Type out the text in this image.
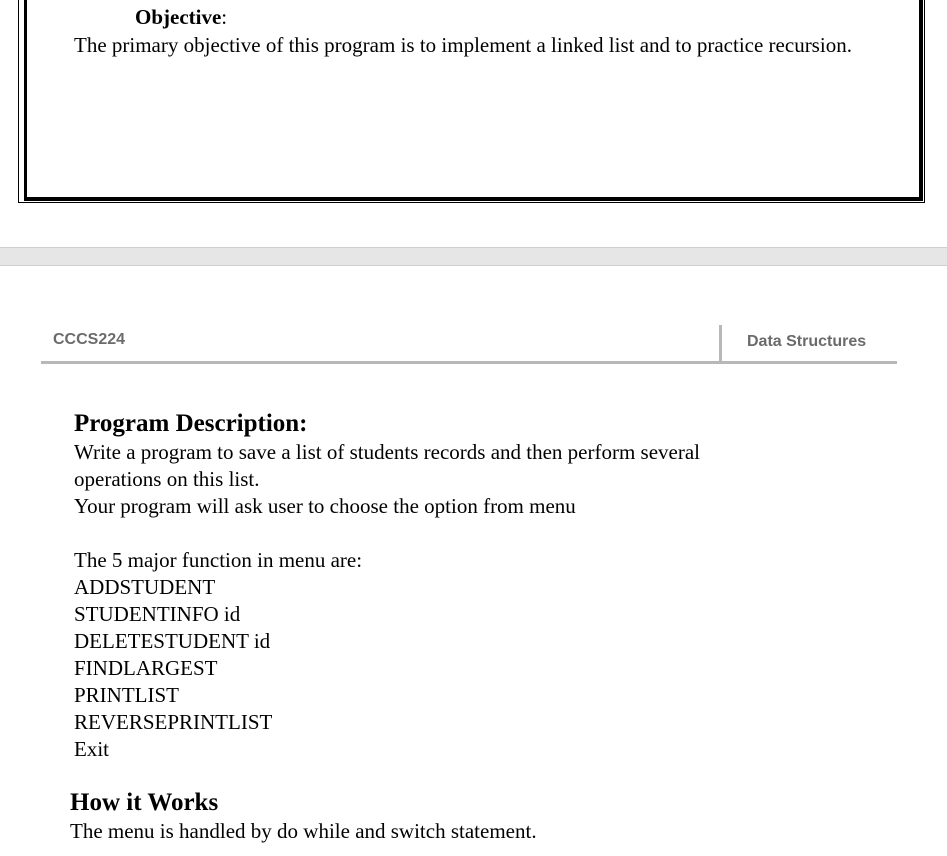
Objective:
The primary objective of this program is to implement a linked list and to practice recursion.
CCCS224	Data Structures
Program Description:
Write a program to save a list of students records and then perform several
operations on this list.
Your program will ask user to choose the option from menu

The 5 major function in menu are:
ADDSTUDENT
STUDENTINFO id
DELETESTUDENT id
FINDLARGEST
PRINTLIST
REVERSEPRINTLIST
Exit
How it Works
The menu is handled by do while and switch statement.
